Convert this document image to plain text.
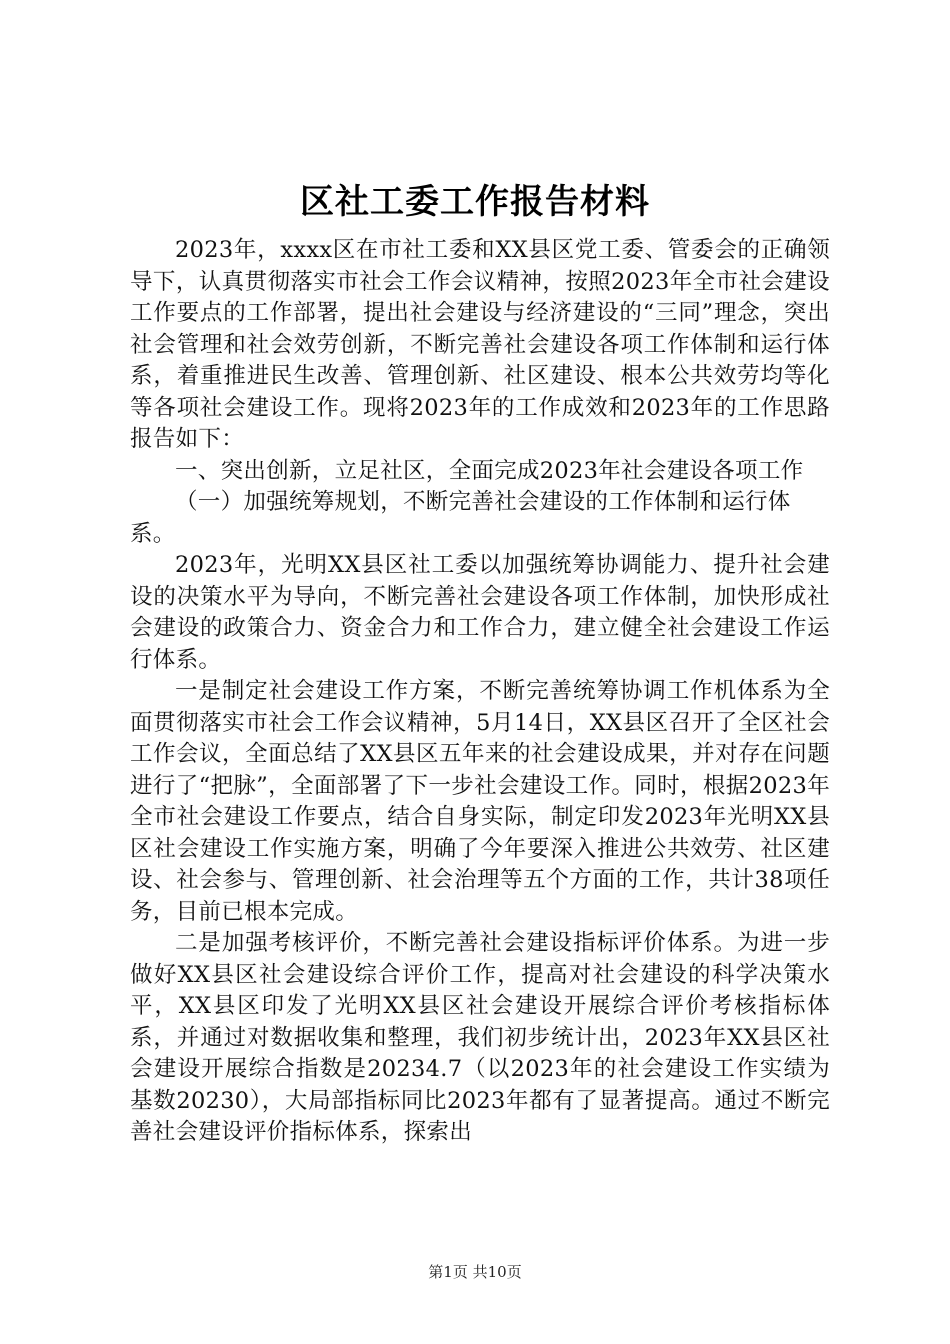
区社工委工作报告材料

2023年，xxxx区在市社工委和XX县区党工委、管委会的正确领导下，认真贯彻落实市社会工作会议精神，按照2023年全市社会建设工作要点的工作部署，提出社会建设与经济建设的“三同”理念，突出社会管理和社会效劳创新，不断完善社会建设各项工作体制和运行体系，着重推进民生改善、管理创新、社区建设、根本公共效劳均等化等各项社会建设工作。现将2023年的工作成效和2023年的工作思路报告如下：

一、突出创新，立足社区，全面完成2023年社会建设各项工作

（一）加强统筹规划，不断完善社会建设的工作体制和运行体系。

2023年，光明XX县区社工委以加强统筹协调能力、提升社会建设的决策水平为导向，不断完善社会建设各项工作体制，加快形成社会建设的政策合力、资金合力和工作合力，建立健全社会建设工作运行体系。

一是制定社会建设工作方案，不断完善统筹协调工作机体系为全面贯彻落实市社会工作会议精神，5月14日，XX县区召开了全区社会工作会议，全面总结了XX县区五年来的社会建设成果，并对存在问题进行了“把脉”，全面部署了下一步社会建设工作。同时，根据2023年全市社会建设工作要点，结合自身实际，制定印发2023年光明XX县区社会建设工作实施方案，明确了今年要深入推进公共效劳、社区建设、社会参与、管理创新、社会治理等五个方面的工作，共计38项任务，目前已根本完成。

二是加强考核评价，不断完善社会建设指标评价体系。为进一步做好XX县区社会建设综合评价工作，提高对社会建设的科学决策水平，XX县区印发了光明XX县区社会建设开展综合评价考核指标体系，并通过对数据收集和整理，我们初步统计出，2023年XX县区社会建设开展综合指数是20234.7（以2023年的社会建设工作实绩为基数20230），大局部指标同比2023年都有了显著提高。通过不断完善社会建设评价指标体系，探索出

第1页 共10页
